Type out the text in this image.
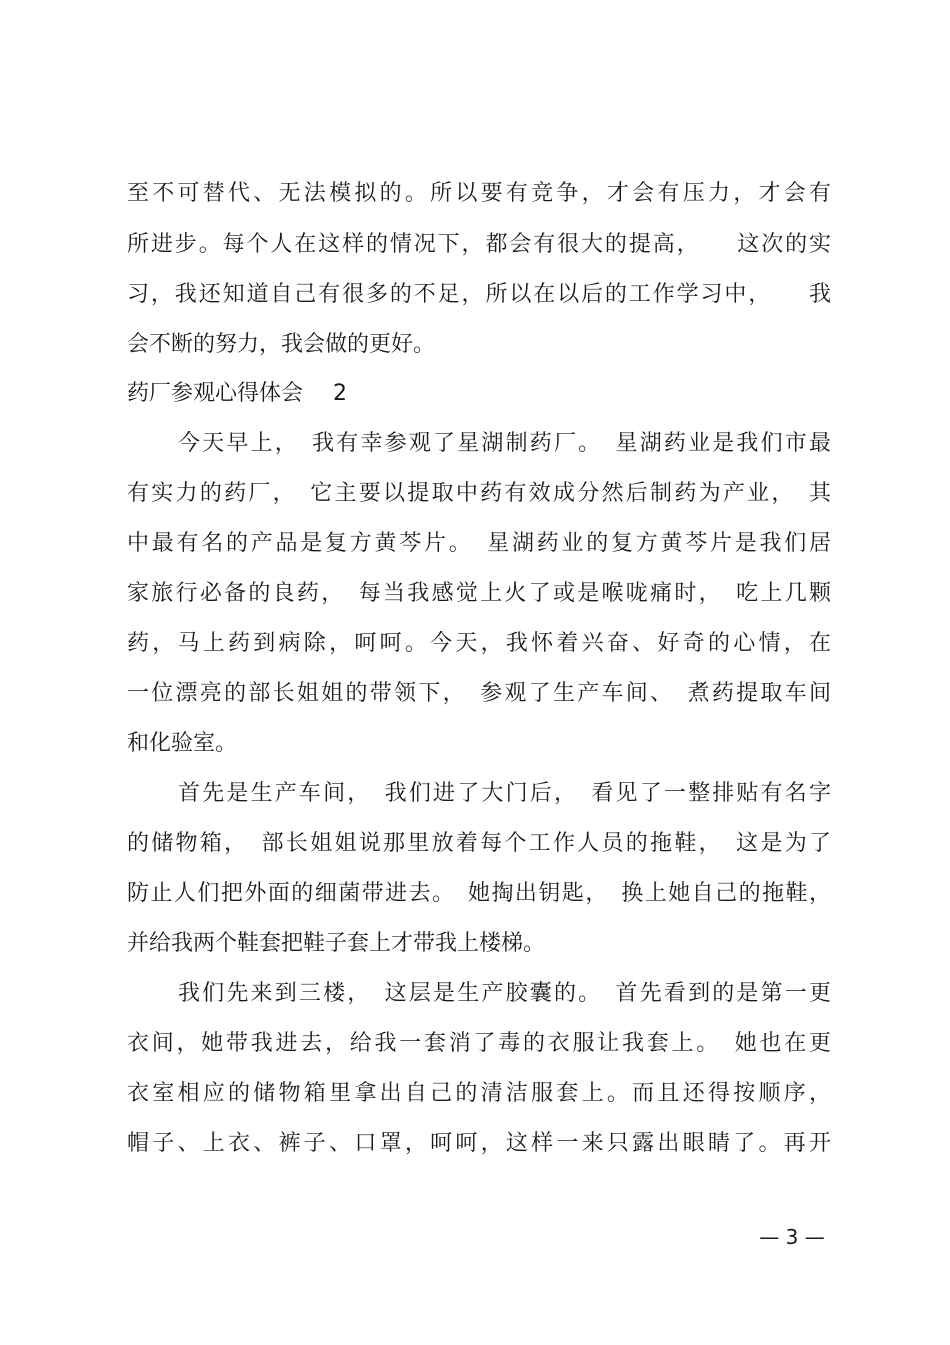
至不可替代、无法模拟的。所以要有竞争，才会有压力，才会有
所进步。每个人在这样的情况下，都会有很大的提高，　　这次的实
习，我还知道自己有很多的不足，所以在以后的工作学习中，　　我
会不断的努力，我会做的更好。
药厂参观心得体会 2
今天早上，　我有幸参观了星湖制药厂。　星湖药业是我们市最
有实力的药厂，　它主要以提取中药有效成分然后制药为产业，　其
中最有名的产品是复方黄芩片。　星湖药业的复方黄芩片是我们居
家旅行必备的良药，　每当我感觉上火了或是喉咙痛时，　吃上几颗
药，马上药到病除，呵呵。今天，我怀着兴奋、好奇的心情，在
一位漂亮的部长姐姐的带领下，　参观了生产车间、　煮药提取车间
和化验室。
首先是生产车间，　我们进了大门后，　看见了一整排贴有名字
的储物箱，　部长姐姐说那里放着每个工作人员的拖鞋，　这是为了
防止人们把外面的细菌带进去。　她掏出钥匙，　换上她自己的拖鞋，
并给我两个鞋套把鞋子套上才带我上楼梯。
我们先来到三楼，　这层是生产胶囊的。　首先看到的是第一更
衣间，她带我进去，给我一套消了毒的衣服让我套上。　她也在更
衣室相应的储物箱里拿出自己的清洁服套上。而且还得按顺序，
帽子、上衣、裤子、口罩，呵呵，这样一来只露出眼睛了。再开
— 3 —
